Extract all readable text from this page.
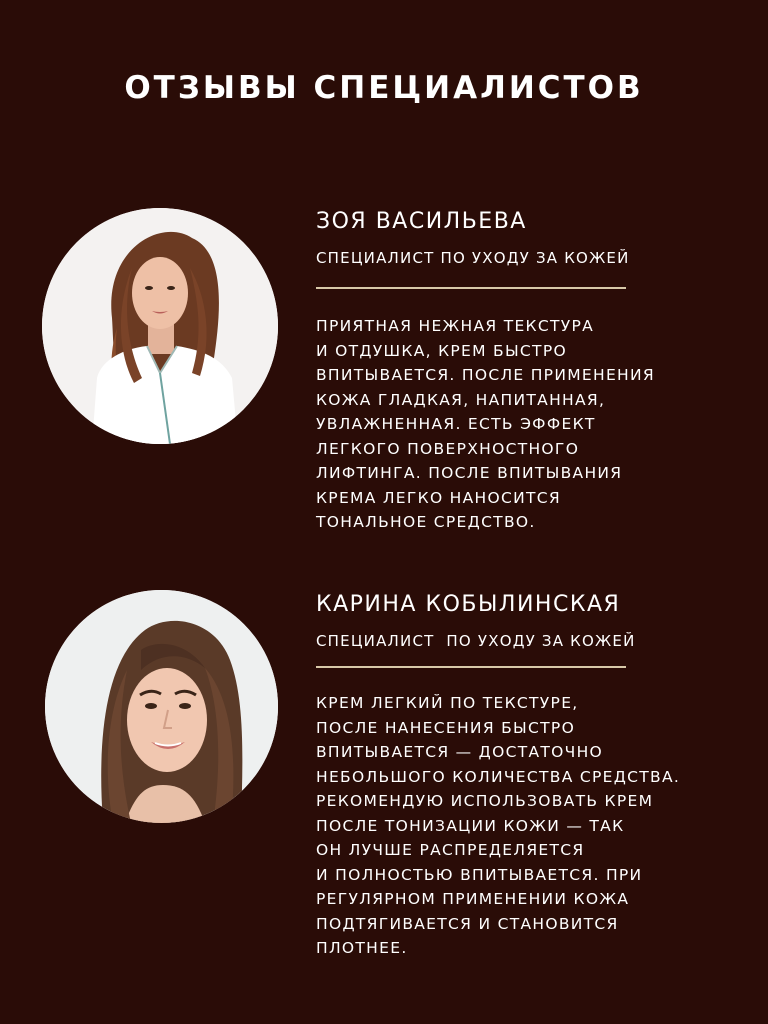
ОТЗЫВЫ СПЕЦИАЛИСТОВ
ЗОЯ ВАСИЛЬЕВА

СПЕЦИАЛИСТ ПО УХОДУ ЗА КОЖЕЙ

ПРИЯТНАЯ НЕЖНАЯ ТЕКСТУРА
И ОТДУШКА, КРЕМ БЫСТРО
ВПИТЫВАЕТСЯ. ПОСЛЕ ПРИМЕНЕНИЯ
КОЖА ГЛАДКАЯ, НАПИТАННАЯ,
УВЛАЖНЕННАЯ. ЕСТЬ ЭФФЕКТ
ЛЕГКОГО ПОВЕРХНОСТНОГО
ЛИФТИНГА. ПОСЛЕ ВПИТЫВАНИЯ
КРЕМА ЛЕГКО НАНОСИТСЯ
ТОНАЛЬНОЕ СРЕДСТВО.
КАРИНА КОБЫЛИНСКАЯ

СПЕЦИАЛИСТ  ПО УХОДУ ЗА КОЖЕЙ

КРЕМ ЛЕГКИЙ ПО ТЕКСТУРЕ,
ПОСЛЕ НАНЕСЕНИЯ БЫСТРО
ВПИТЫВАЕТСЯ — ДОСТАТОЧНО
НЕБОЛЬШОГО КОЛИЧЕСТВА СРЕДСТВА.
РЕКОМЕНДУЮ ИСПОЛЬЗОВАТЬ КРЕМ
ПОСЛЕ ТОНИЗАЦИИ КОЖИ — ТАК
ОН ЛУЧШЕ РАСПРЕДЕЛЯЕТСЯ
И ПОЛНОСТЬЮ ВПИТЫВАЕТСЯ. ПРИ
РЕГУЛЯРНОМ ПРИМЕНЕНИИ КОЖА
ПОДТЯГИВАЕТСЯ И СТАНОВИТСЯ
ПЛОТНЕЕ.
